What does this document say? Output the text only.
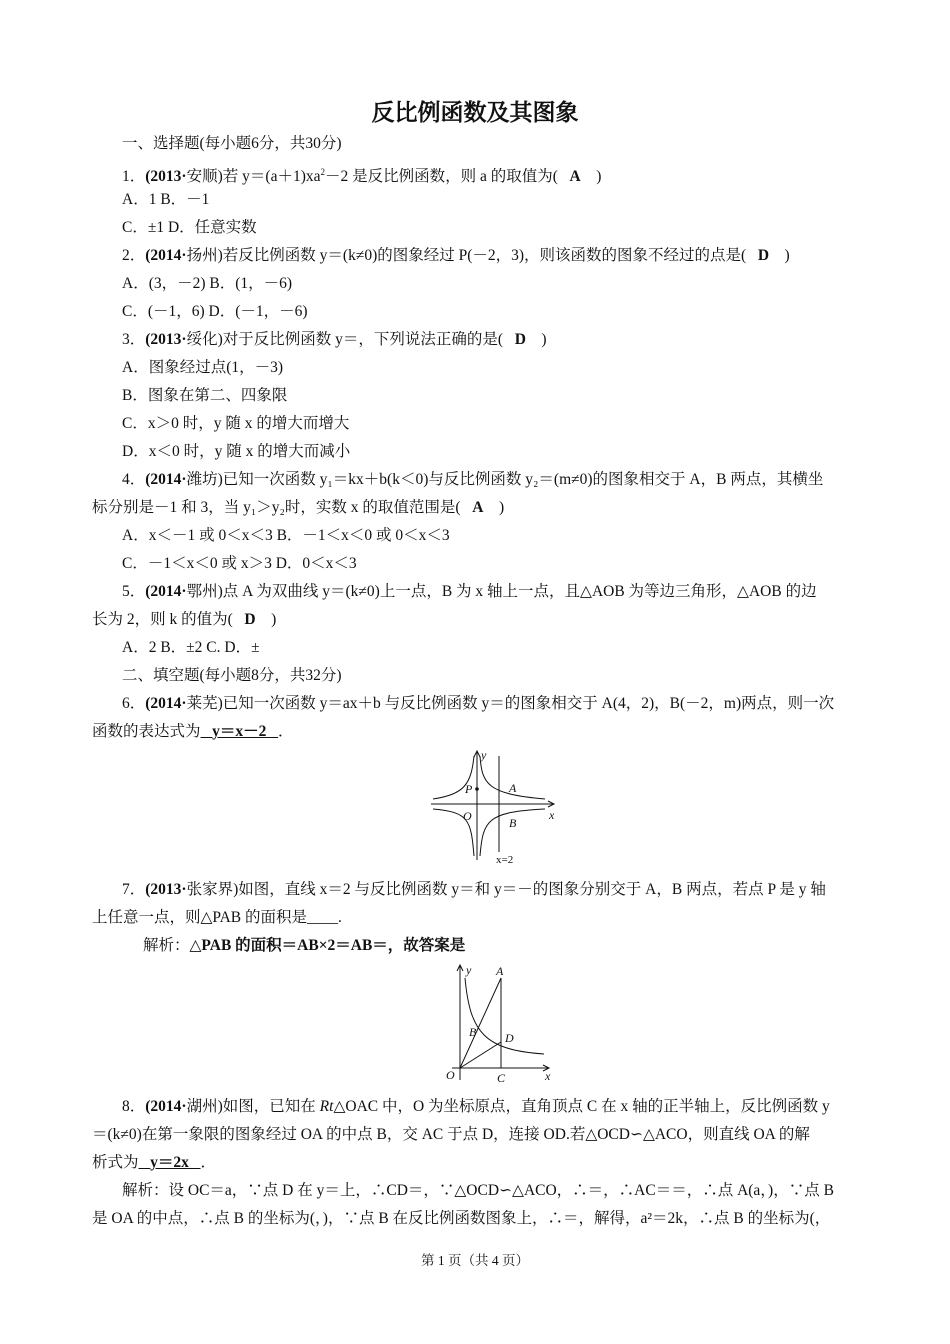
反比例函数及其图象
一、选择题(每小题6分，共30分)
1．(2013·安顺)若 $y=(a+1)xa^2-2$ 是反比例函数，则 a 的取值为( A )
A．1 B．－1
C．±1 D．任意实数
2．(2014·扬州)若反比例函数 y＝(k≠0)的图象经过 P(－2，3)，则该函数的图象不经过的点是( D )
A．(3，－2) B．(1，－6)
C．(－1，6) D．(－1，－6)
3．(2013·绥化)对于反比例函数 y＝，下列说法正确的是( D )
A．图象经过点(1，－3)
B．图象在第二、四象限
C．x＞0 时，y 随 x 的增大而增大
D．x＜0 时，y 随 x 的增大而减小
4．(2014·潍坊)已知一次函数 y₁＝kx＋b(k＜0)与反比例函数 y₂＝(m≠0)的图象相交于 A，B 两点，其横坐
标分别是－1 和 3，当 y₁＞y₂时，实数 x 的取值范围是( A )
A．x＜－1 或 0＜x＜3 B．－1＜x＜0 或 0＜x＜3
C．－1＜x＜0 或 x＞3 D．0＜x＜3
5．(2014·鄂州)点 A 为双曲线 y＝(k≠0)上一点，B 为 x 轴上一点，且△AOB 为等边三角形，△AOB 的边
长为 2，则 k 的值为( D )
A．2 B．±2 C. D．±
二、填空题(每小题8分，共32分)
6．(2014·莱芜)已知一次函数 y＝ax＋b 与反比例函数 y＝的图象相交于 A(4，2)，B(－2，m)两点，则一次
函数的表达式为 y＝x－2 ．
y
x
O
P	A
B
x=2
7．(2013·张家界)如图，直线 x＝2 与反比例函数 y＝和 y＝－的图象分别交于 A，B 两点，若点 P 是 y 轴
上任意一点，则△PAB 的面积是____.
解析：△PAB 的面积＝AB×2＝AB＝，故答案是
y
x
O
A
B
C
D
8．(2014·湖州)如图，已知在 Rt△OAC 中，O 为坐标原点，直角顶点 C 在 x 轴的正半轴上，反比例函数 y
＝(k≠0)在第一象限的图象经过 OA 的中点 B，交 AC 于点 D，连接 OD.若△OCD∽△ACO，则直线 OA 的解
析式为 y＝2x ．
解析：设 OC＝a，∵点 D 在 y＝上，∴CD＝，∵△OCD∽△ACO，∴＝，∴AC＝＝，∴点 A(a，)，∵点 B
是 OA 的中点，∴点 B 的坐标为(，)，∵点 B 在反比例函数图象上，∴＝，解得，a²＝2k，∴点 B 的坐标为(，
第 1 页（共 4 页）
